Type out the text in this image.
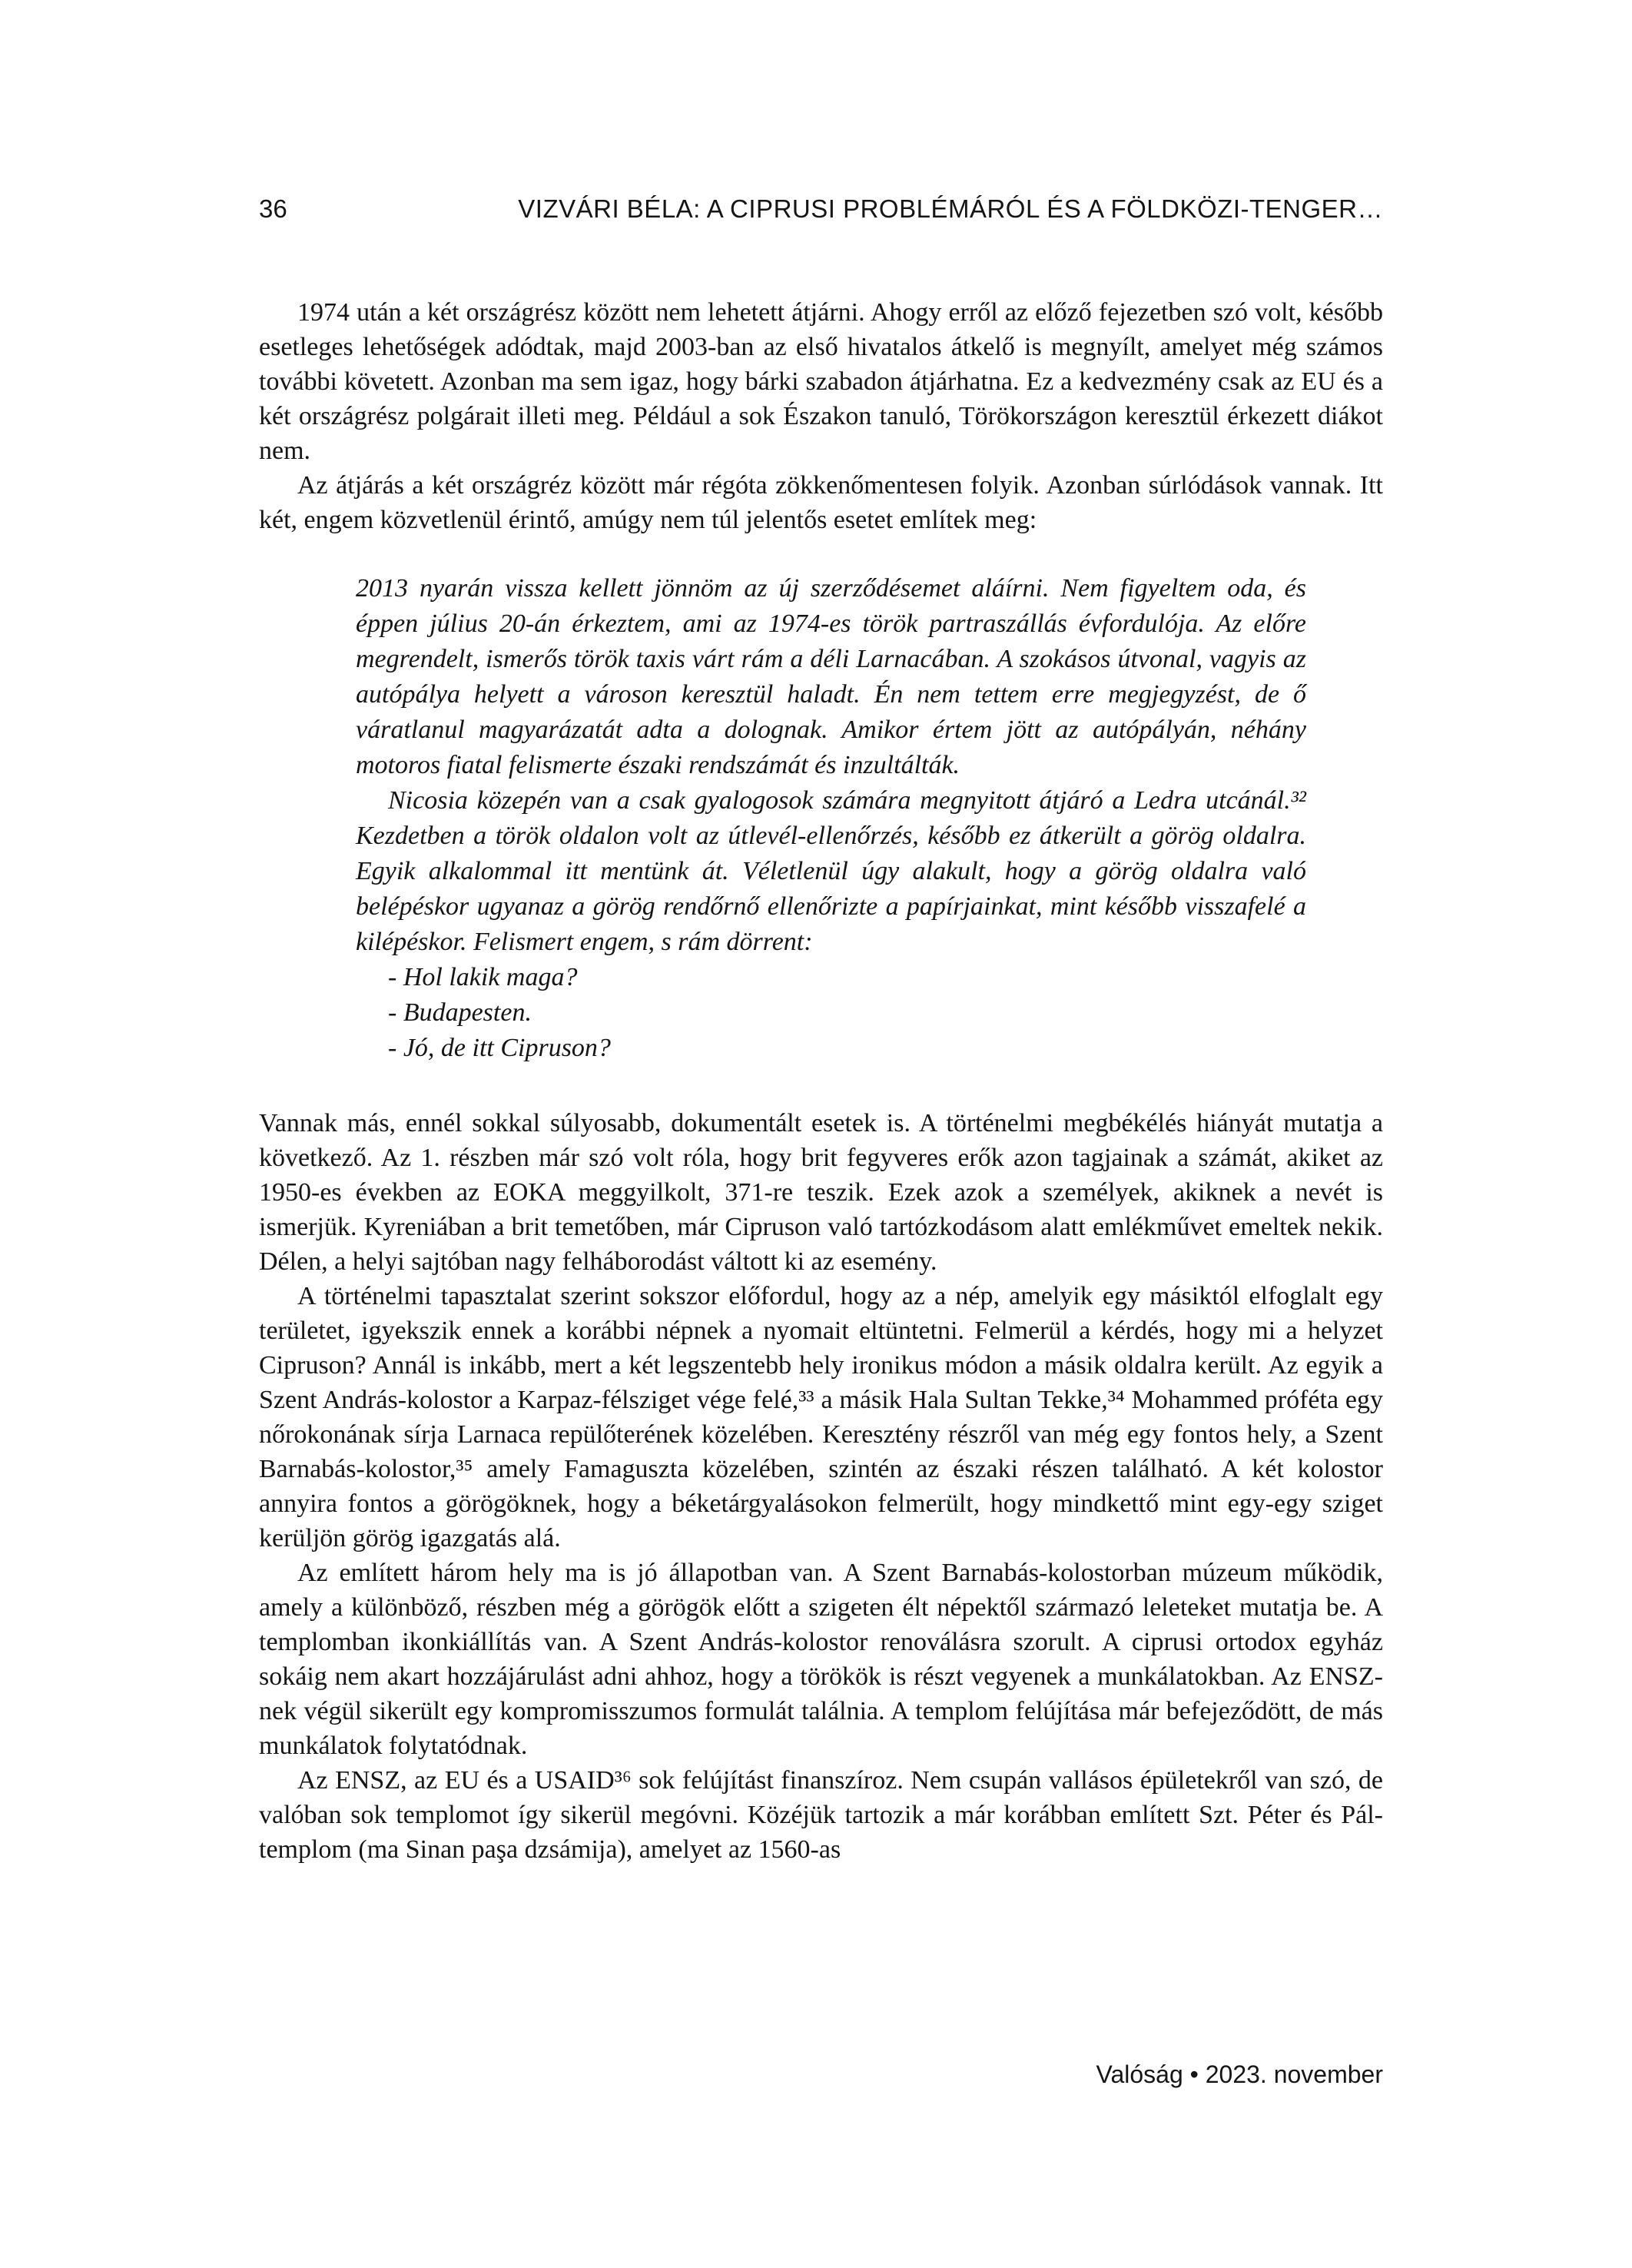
36	VIZVÁRI BÉLA: A CIPRUSI PROBLÉMÁRÓL ÉS A FÖLDKÖZI-TENGER…

1974 után a két országrész között nem lehetett átjárni. Ahogy erről az előző fejezetben szó volt, később esetleges lehetőségek adódtak, majd 2003-ban az első hivatalos átkelő is megnyílt, amelyet még számos további követett. Azonban ma sem igaz, hogy bárki szabadon átjárhatna. Ez a kedvezmény csak az EU és a két országrész polgárait illeti meg. Például a sok Északon tanuló, Törökországon keresztül érkezett diákot nem.

Az átjárás a két országréz között már régóta zökkenőmentesen folyik. Azonban súrlódások vannak. Itt két, engem közvetlenül érintő, amúgy nem túl jelentős esetet említek meg:

2013 nyarán vissza kellett jönnöm az új szerződésemet aláírni. Nem figyeltem oda, és éppen július 20-án érkeztem, ami az 1974-es török partraszállás évfordulója. Az előre megrendelt, ismerős török taxis várt rám a déli Larnacában. A szokásos útvonal, vagyis az autópálya helyett a városon keresztül haladt. Én nem tettem erre megjegyzést, de ő váratlanul magyarázatát adta a dolognak. Amikor értem jött az autópályán, néhány motoros fiatal felismerte északi rendszámát és inzultálták.

Nicosia közepén van a csak gyalogosok számára megnyitott átjáró a Ledra utcánál.³² Kezdetben a török oldalon volt az útlevél-ellenőrzés, később ez átkerült a görög oldalra. Egyik alkalommal itt mentünk át. Véletlenül úgy alakult, hogy a görög oldalra való belépéskor ugyanaz a görög rendőrnő ellenőrizte a papírjainkat, mint később visszafelé a kilépéskor. Felismert engem, s rám dörrent:

- Hol lakik maga?

- Budapesten.

- Jó, de itt Cipruson?

Vannak más, ennél sokkal súlyosabb, dokumentált esetek is. A történelmi megbékélés hiányát mutatja a következő. Az 1. részben már szó volt róla, hogy brit fegyveres erők azon tagjainak a számát, akiket az 1950-es években az EOKA meggyilkolt, 371-re teszik. Ezek azok a személyek, akiknek a nevét is ismerjük. Kyreniában a brit temetőben, már Cipruson való tartózkodásom alatt emlékművet emeltek nekik. Délen, a helyi sajtóban nagy felháborodást váltott ki az esemény.

A történelmi tapasztalat szerint sokszor előfordul, hogy az a nép, amelyik egy másiktól elfoglalt egy területet, igyekszik ennek a korábbi népnek a nyomait eltüntetni. Felmerül a kérdés, hogy mi a helyzet Cipruson? Annál is inkább, mert a két legszentebb hely ironikus módon a másik oldalra került. Az egyik a Szent András-kolostor a Karpaz-félsziget vége felé,³³ a másik Hala Sultan Tekke,³⁴ Mohammed próféta egy nőrokonának sírja Larnaca repülőterének közelében. Keresztény részről van még egy fontos hely, a Szent Barnabás-kolostor,³⁵ amely Famaguszta közelében, szintén az északi részen található. A két kolostor annyira fontos a görögöknek, hogy a béketárgyalásokon felmerült, hogy mindkettő mint egy-egy sziget kerüljön görög igazgatás alá.

Az említett három hely ma is jó állapotban van. A Szent Barnabás-kolostorban múzeum működik, amely a különböző, részben még a görögök előtt a szigeten élt népektől származó leleteket mutatja be. A templomban ikonkiállítás van. A Szent András-kolostor renoválásra szorult. A ciprusi ortodox egyház sokáig nem akart hozzájárulást adni ahhoz, hogy a törökök is részt vegyenek a munkálatokban. Az ENSZ-nek végül sikerült egy kompromisszumos formulát találnia. A templom felújítása már befejeződött, de más munkálatok folytatódnak.

Az ENSZ, az EU és a USAID³⁶ sok felújítást finanszíroz. Nem csupán vallásos épületekről van szó, de valóban sok templomot így sikerül megóvni. Közéjük tartozik a már korábban említett Szt. Péter és Pál-templom (ma Sinan paşa dzsámija), amelyet az 1560-as

Valóság • 2023. november
